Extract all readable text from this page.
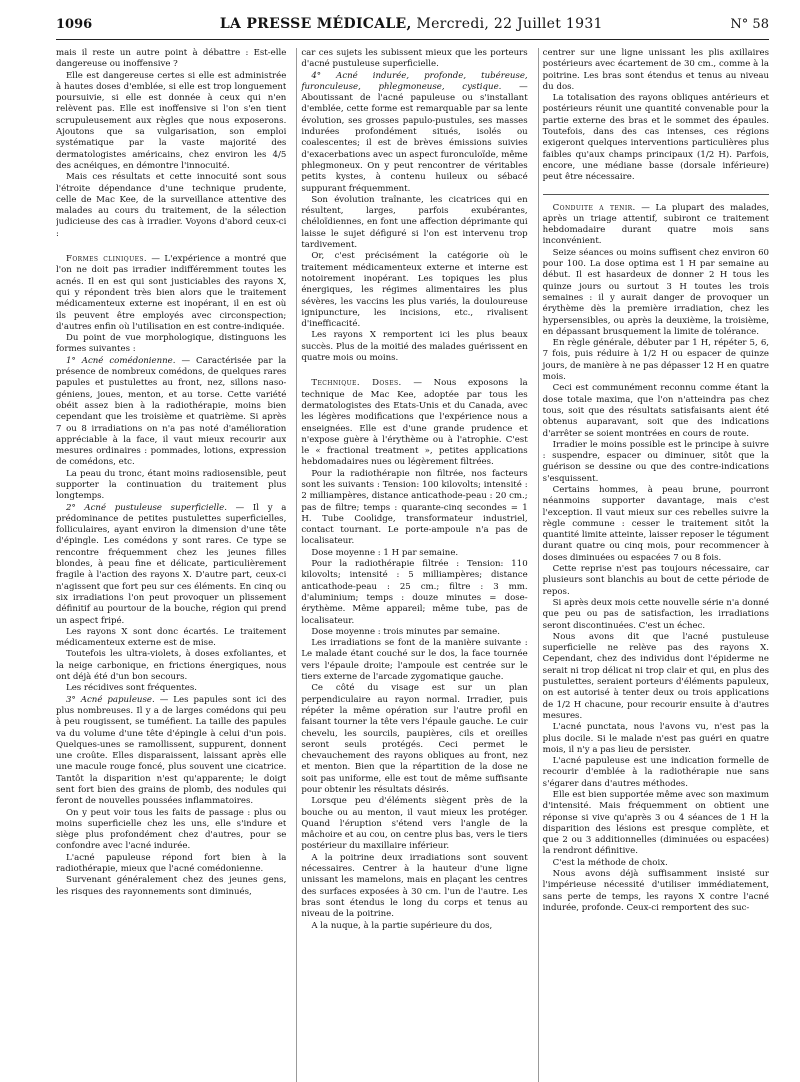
1096	LA PRESSE MÉDICALE, Mercredi, 22 Juillet 1931	N° 58

mais il reste un autre point à débattre : Est-elle dangereuse ou inoffensive ?

Elle est dangereuse certes si elle est administrée à hautes doses d'emblée, si elle est trop longuement poursuivie, si elle est donnée à ceux qui n'en relèvent pas. Elle est inoffensive si l'on s'en tient scrupuleusement aux règles que nous exposerons. Ajoutons que sa vulgarisation, son emploi systématique par la vaste majorité des dermatologistes américains, chez environ les 4/5 des acnéiques, en démontre l'innocuité.

Mais ces résultats et cette innocuité sont sous l'étroite dépendance d'une technique prudente, celle de Mac Kee, de la surveillance attentive des malades au cours du traitement, de la sélection judicieuse des cas à irradier. Voyons d'abord ceux-ci :

Formes cliniques. — L'expérience a montré que l'on ne doit pas irradier indifféremment toutes les acnés. Il en est qui sont justiciables des rayons X, qui y répondent très bien alors que le traitement médicamenteux externe est inopérant, il en est où ils peuvent être employés avec circonspection; d'autres enfin où l'utilisation en est contre-indiquée.

Du point de vue morphologique, distinguons les formes suivantes :

1° Acné comédonienne. — Caractérisée par la présence de nombreux comédons, de quelques rares papules et pustulettes au front, nez, sillons naso-géniens, joues, menton, et au torse. Cette variété obéit assez bien à la radiothérapie, moins bien cependant que les troisième et quatrième. Si après 7 ou 8 irradiations on n'a pas noté d'amélioration appréciable à la face, il vaut mieux recourir aux mesures ordinaires : pommades, lotions, expression de comédons, etc.

La peau du tronc, étant moins radiosensible, peut supporter la continuation du traitement plus longtemps.

2° Acné pustuleuse superficielle. — Il y a prédominance de petites pustulettes superficielles, folliculaires, ayant environ la dimension d'une tête d'épingle. Les comédons y sont rares. Ce type se rencontre fréquemment chez les jeunes filles blondes, à peau fine et délicate, particulièrement fragile à l'action des rayons X. D'autre part, ceux-ci n'agissent que fort peu sur ces éléments. En cinq ou six irradiations l'on peut provoquer un plissement définitif au pourtour de la bouche, région qui prend un aspect fripé.

Les rayons X sont donc écartés. Le traitement médicamenteux externe est de mise.

Toutefois les ultra-violets, à doses exfoliantes, et la neige carbonique, en frictions énergiques, nous ont déjà été d'un bon secours.

Les récidives sont fréquentes.

3° Acné papuleuse. — Les papules sont ici des plus nombreuses. Il y a de larges comédons qui peu à peu rougissent, se tuméfient. La taille des papules va du volume d'une tête d'épingle à celui d'un pois. Quelques-unes se ramollissent, suppurent, donnent une croûte. Elles disparaissent, laissant après elle une macule rouge foncé, plus souvent une cicatrice. Tantôt la disparition n'est qu'apparente; le doigt sent fort bien des grains de plomb, des nodules qui feront de nouvelles poussées inflammatoires.

On y peut voir tous les faits de passage : plus ou moins superficielle chez les uns, elle s'indure et siège plus profondément chez d'autres, pour se confondre avec l'acné indurée.

L'acné papuleuse répond fort bien à la radiothérapie, mieux que l'acné comédonienne.

Survenant généralement chez des jeunes gens, les risques des rayonnements sont diminués,

car ces sujets les subissent mieux que les porteurs d'acné pustuleuse superficielle.

4° Acné indurée, profonde, tubéreuse, furonculeuse, phlegmoneuse, cystique. — Aboutissant de l'acné papuleuse ou s'installant d'emblée, cette forme est remarquable par sa lente évolution, ses grosses papulo-pustules, ses masses indurées profondément situés, isolés ou coalescentes; il est de brèves émissions suivies d'exacerbations avec un aspect furonculoïde, même phlegmoneux. On y peut rencontrer de véritables petits kystes, à contenu huileux ou sébacé suppurant fréquemment.

Son évolution traînante, les cicatrices qui en résultent, larges, parfois exubérantes, chéloïdiennes, en font une affection déprimante qui laisse le sujet défiguré si l'on est intervenu trop tardivement.

Or, c'est précisément la catégorie où le traitement médicamenteux externe et interne est notoirement inopérant. Les topiques les plus énergiques, les régimes alimentaires les plus sévères, les vaccins les plus variés, la douloureuse ignipuncture, les incisions, etc., rivalisent d'inefficacité.

Les rayons X remportent ici les plus beaux succès. Plus de la moitié des malades guérissent en quatre mois ou moins.

Technique. Doses. — Nous exposons la technique de Mac Kee, adoptée par tous les dermatologistes des Etats-Unis et du Canada, avec les légères modifications que l'expérience nous a enseignées. Elle est d'une grande prudence et n'expose guère à l'érythème ou à l'atrophie. C'est le « fractional treatment », petites applications hebdomadaires nues ou légèrement filtrées.

Pour la radiothérapie non filtrée, nos facteurs sont les suivants : Tension: 100 kilovolts; intensité : 2 milliampères, distance anticathode-peau : 20 cm.; pas de filtre; temps : quarante-cinq secondes = 1 H. Tube Coolidge, transformateur industriel, contact tournant. Le porte-ampoule n'a pas de localisateur.

Dose moyenne : 1 H par semaine.

Pour la radiothérapie filtrée : Tension: 110 kilovolts; intensité : 5 milliampères; distance anticathode-peau : 25 cm.; filtre : 3 mm. d'aluminium; temps : douze minutes = dose-érythème. Même appareil; même tube, pas de localisateur.

Dose moyenne : trois minutes par semaine.

Les irradiations se font de la manière suivante : Le malade étant couché sur le dos, la face tournée vers l'épaule droite; l'ampoule est centrée sur le tiers externe de l'arcade zygomatique gauche.

Ce côté du visage est sur un plan perpendiculaire au rayon normal. Irradier, puis répéter la même opération sur l'autre profil en faisant tourner la tête vers l'épaule gauche. Le cuir chevelu, les sourcils, paupières, cils et oreilles seront seuls protégés. Ceci permet le chevauchement des rayons obliques au front, nez et menton. Bien que la répartition de la dose ne soit pas uniforme, elle est tout de même suffisante pour obtenir les résultats désirés.

Lorsque peu d'éléments siègent près de la bouche ou au menton, il vaut mieux les protéger. Quand l'éruption s'étend vers l'angle de la mâchoire et au cou, on centre plus bas, vers le tiers postérieur du maxillaire inférieur.

A la poitrine deux irradiations sont souvent nécessaires. Centrer à la hauteur d'une ligne unissant les mamelons, mais en plaçant les centres des surfaces exposées à 30 cm. l'un de l'autre. Les bras sont étendus le long du corps et tenus au niveau de la poitrine.

A la nuque, à la partie supérieure du dos,

centrer sur une ligne unissant les plis axillaires postérieurs avec écartement de 30 cm., comme à la poitrine. Les bras sont étendus et tenus au niveau du dos.

La totalisation des rayons obliques antérieurs et postérieurs réunit une quantité convenable pour la partie externe des bras et le sommet des épaules. Toutefois, dans des cas intenses, ces régions exigeront quelques interventions particulières plus faibles qu'aux champs principaux (1/2 H). Parfois, encore, une médiane basse (dorsale inférieure) peut être nécessaire.

Conduite a tenir. — La plupart des malades, après un triage attentif, subiront ce traitement hebdomadaire durant quatre mois sans inconvénient.

Seize séances ou moins suffisent chez environ 60 pour 100. La dose optima est 1 H par semaine au début. Il est hasardeux de donner 2 H tous les quinze jours ou surtout 3 H toutes les trois semaines : il y aurait danger de provoquer un érythème dès la première irradiation, chez les hypersensibles, ou après la deuxième, la troisième, en dépassant brusquement la limite de tolérance.

En règle générale, débuter par 1 H, répéter 5, 6, 7 fois, puis réduire à 1/2 H ou espacer de quinze jours, de manière à ne pas dépasser 12 H en quatre mois.

Ceci est communément reconnu comme étant la dose totale maxima, que l'on n'atteindra pas chez tous, soit que des résultats satisfaisants aient été obtenus auparavant, soit que des indications d'arrêter se soient montrées en cours de route.

Irradier le moins possible est le principe à suivre : suspendre, espacer ou diminuer, sitôt que la guérison se dessine ou que des contre-indications s'esquissent.

Certains hommes, à peau brune, pourront néanmoins supporter davantage, mais c'est l'exception. Il vaut mieux sur ces rebelles suivre la règle commune : cesser le traitement sitôt la quantité limite atteinte, laisser reposer le tégument durant quatre ou cinq mois, pour recommencer à doses diminuées ou espacées 7 ou 8 fois.

Cette reprise n'est pas toujours nécessaire, car plusieurs sont blanchis au bout de cette période de repos.

Si après deux mois cette nouvelle série n'a donné que peu ou pas de satisfaction, les irradiations seront discontinuées. C'est un échec.

Nous avons dit que l'acné pustuleuse superficielle ne relève pas des rayons X. Cependant, chez des individus dont l'épiderme ne serait ni trop délicat ni trop clair et qui, en plus des pustulettes, seraient porteurs d'éléments papuleux, on est autorisé à tenter deux ou trois applications de 1/2 H chacune, pour recourir ensuite à d'autres mesures.

L'acné punctata, nous l'avons vu, n'est pas la plus docile. Si le malade n'est pas guéri en quatre mois, il n'y a pas lieu de persister.

L'acné papuleuse est une indication formelle de recourir d'emblée à la radiothérapie nue sans s'égarer dans d'autres méthodes.

Elle est bien supportée même avec son maximum d'intensité. Mais fréquemment on obtient une réponse si vive qu'après 3 ou 4 séances de 1 H la disparition des lésions est presque complète, et que 2 ou 3 additionnelles (diminuées ou espacées) la rendront définitive.

C'est la méthode de choix.

Nous avons déjà suffisamment insisté sur l'impérieuse nécessité d'utiliser immédiatement, sans perte de temps, les rayons X contre l'acné indurée, profonde. Ceux-ci remportent des suc-
